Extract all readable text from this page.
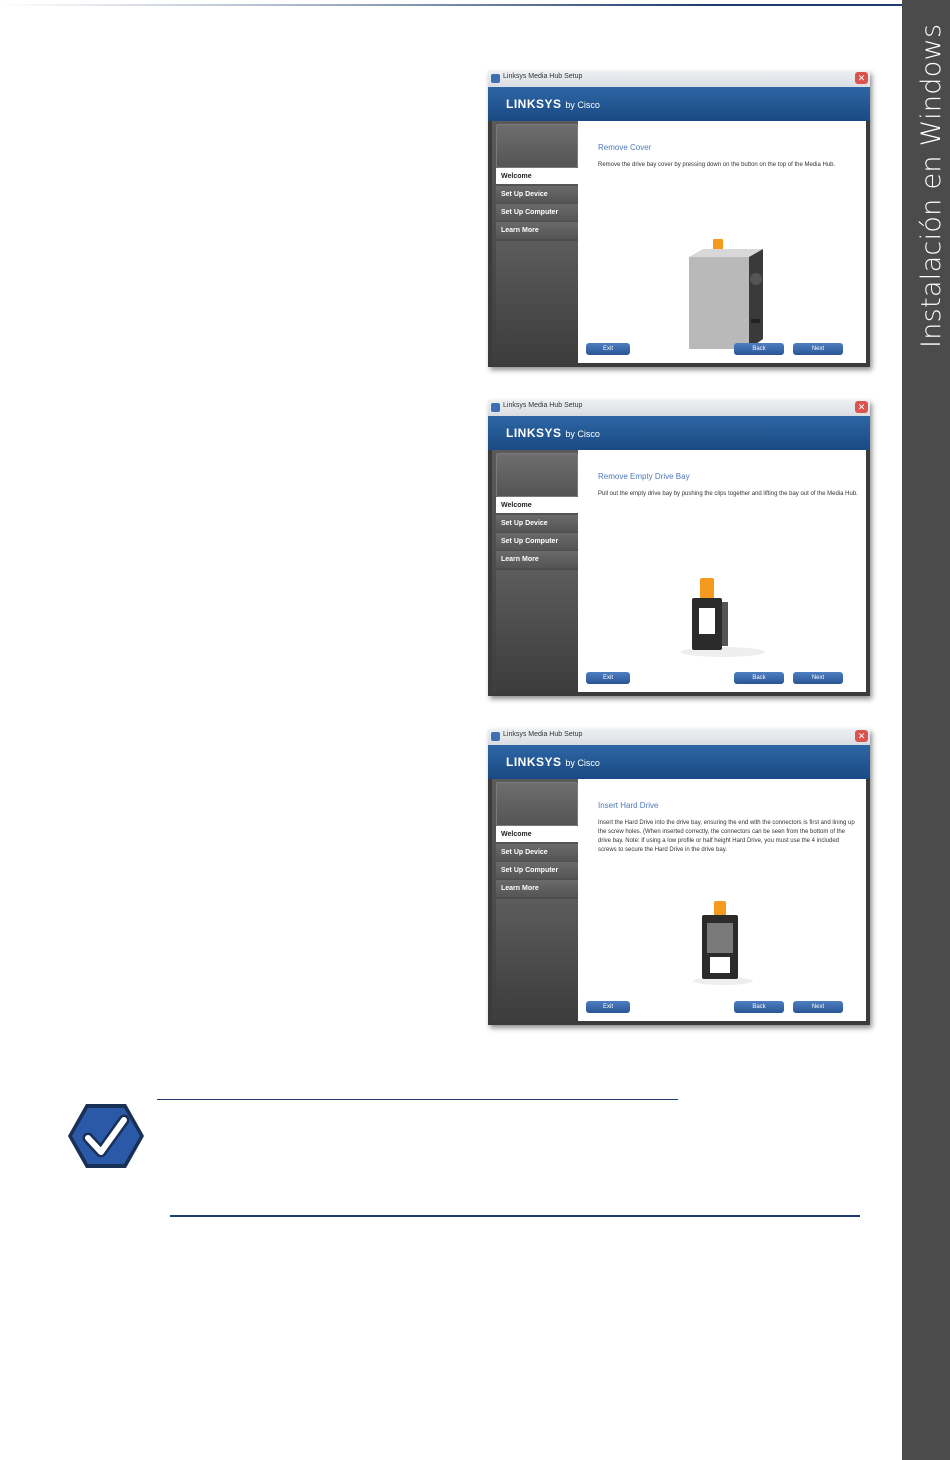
Instalación en Windows
Linksys Media Hub Setup	✕
LINKSYS by Cisco
Welcome
Set Up Device
Set Up Computer
Learn More
Remove Cover
Remove the drive bay cover by pressing down on the button on the top of the Media Hub.
Exit	Back	Next
Linksys Media Hub Setup	✕
LINKSYS by Cisco
Welcome
Set Up Device
Set Up Computer
Learn More
Remove Empty Drive Bay
Pull out the empty drive bay by pushing the clips together and lifting the bay out of the Media Hub.
Exit	Back	Next
Linksys Media Hub Setup	✕
LINKSYS by Cisco
Welcome
Set Up Device
Set Up Computer
Learn More
Insert Hard Drive
Insert the Hard Drive into the drive bay, ensuring the end with the connectors is first and lining up the screw holes. (When inserted correctly, the connectors can be seen from the bottom of the drive bay. Note: If using a low profile or half height Hard Drive, you must use the 4 included screws to secure the Hard Drive in the drive bay.
Exit	Back	Next
